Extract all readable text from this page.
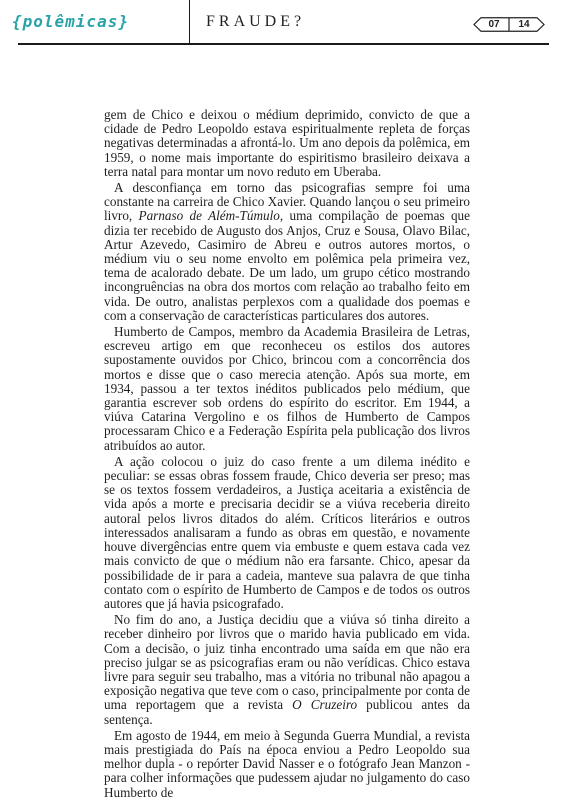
{polêmicas}	FRAUDE?	07	14

gem de Chico e deixou o médium deprimido, convicto de que a cidade de Pedro Leopoldo estava espiritualmente repleta de forças negativas determinadas a afrontá-lo. Um ano depois da polêmica, em 1959, o nome mais importante do espiritismo brasileiro deixava a terra natal para montar um novo reduto em Uberaba.

A desconfiança em torno das psicografias sempre foi uma constante na carreira de Chico Xavier. Quando lançou o seu primeiro livro, Parnaso de Além-Túmulo, uma compilação de poemas que dizia ter recebido de Augusto dos Anjos, Cruz e Sousa, Olavo Bilac, Artur Azevedo, Casimiro de Abreu e outros autores mortos, o médium viu o seu nome envolto em polêmica pela primeira vez, tema de acalorado debate. De um lado, um grupo cético mostrando incongruências na obra dos mortos com relação ao trabalho feito em vida. De outro, analistas perplexos com a qualidade dos poemas e com a conservação de características particulares dos autores.

Humberto de Campos, membro da Academia Brasileira de Letras, escreveu artigo em que reconheceu os estilos dos autores supostamente ouvidos por Chico, brincou com a concorrência dos mortos e disse que o caso merecia atenção. Após sua morte, em 1934, passou a ter textos inéditos publicados pelo médium, que garantia escrever sob ordens do espírito do escritor. Em 1944, a viúva Catarina Vergolino e os filhos de Humberto de Campos processaram Chico e a Federação Espírita pela publicação dos livros atribuídos ao autor.

A ação colocou o juiz do caso frente a um dilema inédito e peculiar: se essas obras fossem fraude, Chico deveria ser preso; mas se os textos fossem verdadeiros, a Justiça aceitaria a existência de vida após a morte e precisaria decidir se a viúva receberia direito autoral pelos livros ditados do além. Críticos literários e outros interessados analisaram a fundo as obras em questão, e novamente houve divergências entre quem via embuste e quem estava cada vez mais convicto de que o médium não era farsante. Chico, apesar da possibilidade de ir para a cadeia, manteve sua palavra de que tinha contato com o espírito de Humberto de Campos e de todos os outros autores que já havia psicografado.

No fim do ano, a Justiça decidiu que a viúva só tinha direito a receber dinheiro por livros que o marido havia publicado em vida. Com a decisão, o juiz tinha encontrado uma saída em que não era preciso julgar se as psicografias eram ou não verídicas. Chico estava livre para seguir seu trabalho, mas a vitória no tribunal não apagou a exposição negativa que teve com o caso, principalmente por conta de uma reportagem que a revista O Cruzeiro publicou antes da sentença.

Em agosto de 1944, em meio à Segunda Guerra Mundial, a revista mais prestigiada do País na época enviou a Pedro Leopoldo sua melhor dupla - o repórter David Nasser e o fotógrafo Jean Manzon - para colher informações que pudessem ajudar no julgamento do caso Humberto de
